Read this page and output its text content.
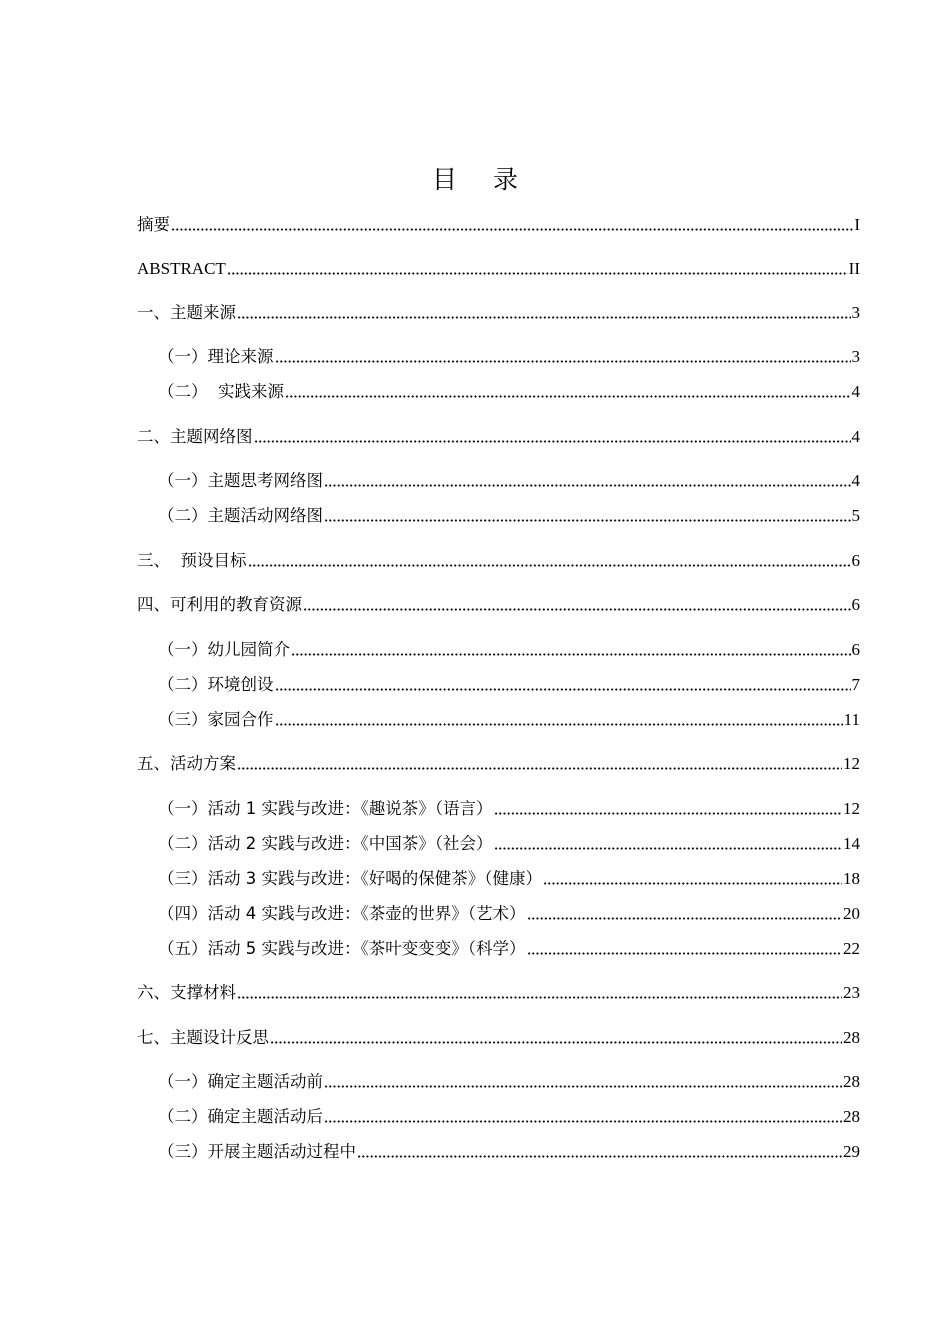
目 录
摘要	I
ABSTRACT	II
一、主题来源	3
（一）理论来源	3
（二）  实践来源	4
二、主题网络图	4
（一）主题思考网络图	4
（二）主题活动网络图	5
三、  预设目标	6
四、可利用的教育资源	6
（一）幼儿园简介	6
（二）环境创设	7
（三）家园合作	11
五、活动方案	12
（一）活动 1 实践与改进：《趣说茶》（语言）	12
（二）活动 2 实践与改进：《中国茶》（社会）	14
（三）活动 3 实践与改进：《好喝的保健茶》（健康）	18
（四）活动 4 实践与改进：《茶壶的世界》（艺术）	20
（五）活动 5 实践与改进：《茶叶变变变》（科学）	22
六、支撑材料	23
七、主题设计反思	28
（一）确定主题活动前	28
（二）确定主题活动后	28
（三）开展主题活动过程中	29
